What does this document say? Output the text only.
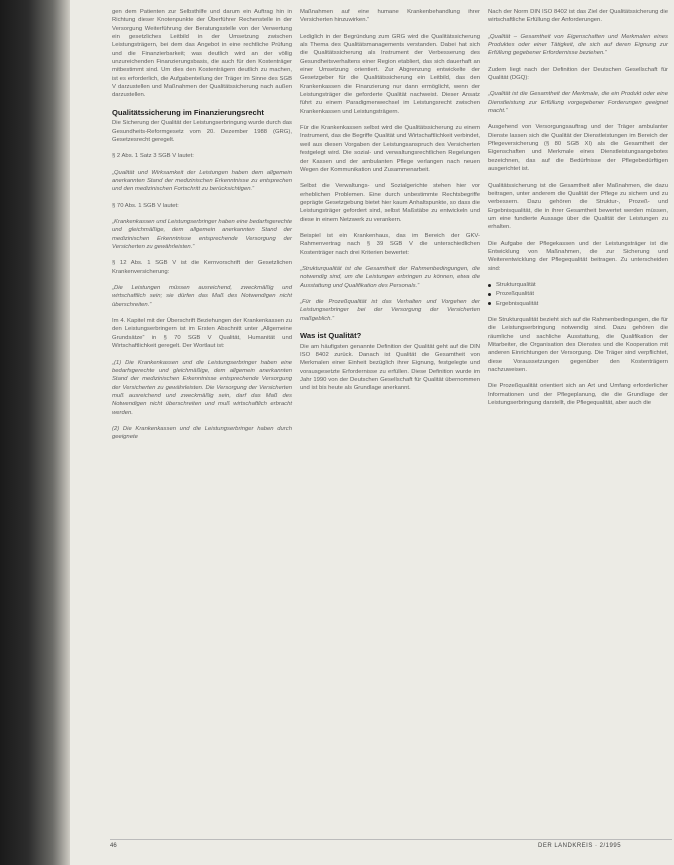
gen dem Patienten zur Selbsthilfe und darum ein Auftrag hin in Richtung dieser Knotenpunkte der Überführer Rechenstelle in der Versorgung Weiterführung der Beratungsstelle von der Verwertung ein gesetzliches Leitbild in der Umsetzung zwischen Leistungsträgern, bei dem das Angebot in eine rechtliche Prüfung und die Finanzierbarkeit; was deutlich wird an der völlig unzureichenden Finanzierungsbasis, die auch für den Kostenträger mitbestimmt sind. Um dies den Kostenträgern deutlich zu machen, ist es erforderlich, die Aufgabenteilung der Träger im Sinne des SGB V darzustellen und Maßnahmen der Qualitätssicherung nach außen darzustellen.

Qualitätssicherung im Finanzierungsrecht

Die Sicherung der Qualität der Leistungserbringung wurde durch das Gesundheits-Reformgesetz vom 20. Dezember 1988 (GRG), Gesetzesrecht geregelt.

§ 2 Abs. 1 Satz 3 SGB V lautet:

„Qualität und Wirksamkeit der Leistungen haben dem allgemein anerkannten Stand der medizinischen Erkenntnisse zu entsprechen und den medizinischen Fortschritt zu berücksichtigen.“

§ 70 Abs. 1 SGB V lautet:

„Krankenkassen und Leistungserbringer haben eine bedarfsgerechte und gleichmäßige, dem allgemein anerkannten Stand der medizinischen Erkenntnisse entsprechende Versorgung der Versicherten zu gewährleisten.“

§ 12 Abs. 1 SGB V ist die Kernvorschrift der Gesetzlichen Krankenversicherung:

„Die Leistungen müssen ausreichend, zweckmäßig und wirtschaftlich sein; sie dürfen das Maß des Notwendigen nicht überschreiten.“

Im 4. Kapitel mit der Überschrift Beziehungen der Krankenkassen zu den Leistungserbringern ist im Ersten Abschnitt unter „Allgemeine Grundsätze“ in § 70 SGB V Qualität, Humanität und Wirtschaftlichkeit geregelt. Der Wortlaut ist:

„(1) Die Krankenkassen und die Leistungserbringer haben eine bedarfsgerechte und gleichmäßige, dem allgemein anerkannten Stand der medizinischen Erkenntnisse entsprechende Versorgung der Versicherten zu gewährleisten. Die Versorgung der Versicherten muß ausreichend und zweckmäßig sein, darf das Maß des Notwendigen nicht überschreiten und muß wirtschaftlich erbracht werden.

(2) Die Krankenkassen und die Leistungserbringer haben durch geeignete

Maßnahmen auf eine humane Krankenbehandlung ihrer Versicherten hinzuwirken.“

Lediglich in der Begründung zum GRG wird die Qualitätssicherung als Thema des Qualitätsmanagements verstanden. Dabei hat sich die Qualitätssicherung als Instrument der Verbesserung des Gesundheitsverhaltens einer Region etabliert, das sich dauerhaft an einer Umsetzung orientiert. Zur Abgrenzung entwickelte der Gesetzgeber für die Qualitätssicherung ein Leitbild, das den Krankenkassen die Finanzierung nur dann ermöglicht, wenn der Leistungsträger die geforderte Qualität nachweist. Dieser Ansatz führt zu einem Paradigmenwechsel im Leistungsrecht zwischen Krankenkassen und Leistungsträgern.

Für die Krankenkassen selbst wird die Qualitätssicherung zu einem Instrument, das die Begriffe Qualität und Wirtschaftlichkeit verbindet, weil aus diesen Vorgaben der Leistungsanspruch des Versicherten festgelegt wird. Die sozial- und verwaltungsrechtlichen Regelungen der Kassen und der ambulanten Pflege verlangen nach neuen Wegen der Kommunikation und Zusammenarbeit.

Selbst die Verwaltungs- und Sozialgerichte stehen hier vor erheblichen Problemen. Eine durch unbestimmte Rechtsbegriffe geprägte Gesetzgebung bietet hier kaum Anhaltspunkte, so dass die Leistungsträger gefordert sind, selbst Maßstäbe zu entwickeln und diese in einem Netzwerk zu verankern.

Beispiel ist ein Krankenhaus, das im Bereich der GKV-Rahmenvertrag nach § 39 SGB V die unterschiedlichen Kostenträger nach drei Kriterien bewertet:

„Strukturqualität ist die Gesamtheit der Rahmenbedingungen, die notwendig sind, um die Leistungen erbringen zu können, etwa die Ausstattung und Qualifikation des Personals.“

„Für die Prozeßqualität ist das Verhalten und Vorgehen der Leistungserbringer bei der Versorgung der Versicherten maßgeblich.“

Was ist Qualität?

Die am häufigsten genannte Definition der Qualität geht auf die DIN ISO 8402 zurück. Danach ist Qualität die Gesamtheit von Merkmalen einer Einheit bezüglich ihrer Eignung, festgelegte und vorausgesetzte Erfordernisse zu erfüllen. Diese Definition wurde im Jahr 1990 von der Deutschen Gesellschaft für Qualität übernommen und ist bis heute als Grundlage anerkannt.

Nach der Norm DIN ISO 8402 ist das Ziel der Qualitätssicherung die wirtschaftliche Erfüllung der Anforderungen.

„Qualität – Gesamtheit von Eigenschaften und Merkmalen eines Produktes oder einer Tätigkeit, die sich auf deren Eignung zur Erfüllung gegebener Erfordernisse beziehen.“

Zudem liegt nach der Definition der Deutschen Gesellschaft für Qualität (DGQ):

„Qualität ist die Gesamtheit der Merkmale, die ein Produkt oder eine Dienstleistung zur Erfüllung vorgegebener Forderungen geeignet macht.“

Ausgehend von Versorgungsauftrag und der Träger ambulanter Dienste lassen sich die Qualität der Dienstleistungen im Bereich der Pflegeversicherung (§ 80 SGB XI) als die Gesamtheit der Eigenschaften und Merkmale eines Dienstleistungsangebotes bezeichnen, das auf die Bedürfnisse der Pflegebedürftigen ausgerichtet ist.

Qualitätssicherung ist die Gesamtheit aller Maßnahmen, die dazu beitragen, unter anderem die Qualität der Pflege zu sichern und zu verbessern. Dazu gehören die Struktur-, Prozeß- und Ergebnisqualität, die in ihrer Gesamtheit bewertet werden müssen, um eine fundierte Aussage über die Qualität der Leistungen zu erhalten.

Die Aufgabe der Pflegekassen und der Leistungsträger ist die Entwicklung von Maßnahmen, die zur Sicherung und Weiterentwicklung der Pflegequalität beitragen. Zu unterscheiden sind:

Strukturqualität
Prozeßqualität
Ergebnisqualität

Die Strukturqualität bezieht sich auf die Rahmenbedingungen, die für die Leistungserbringung notwendig sind. Dazu gehören die räumliche und sachliche Ausstattung, die Qualifikation der Mitarbeiter, die Organisation des Dienstes und die Kooperation mit anderen Einrichtungen der Versorgung. Die Träger sind verpflichtet, diese Voraussetzungen gegenüber den Kostenträgern nachzuweisen.

Die Prozeßqualität orientiert sich an Art und Umfang erforderlicher Informationen und der Pflegeplanung, die die Grundlage der Leistungserbringung darstellt, die Pflegequalität, aber auch die

46	DER LANDKREIS · 2/1995
